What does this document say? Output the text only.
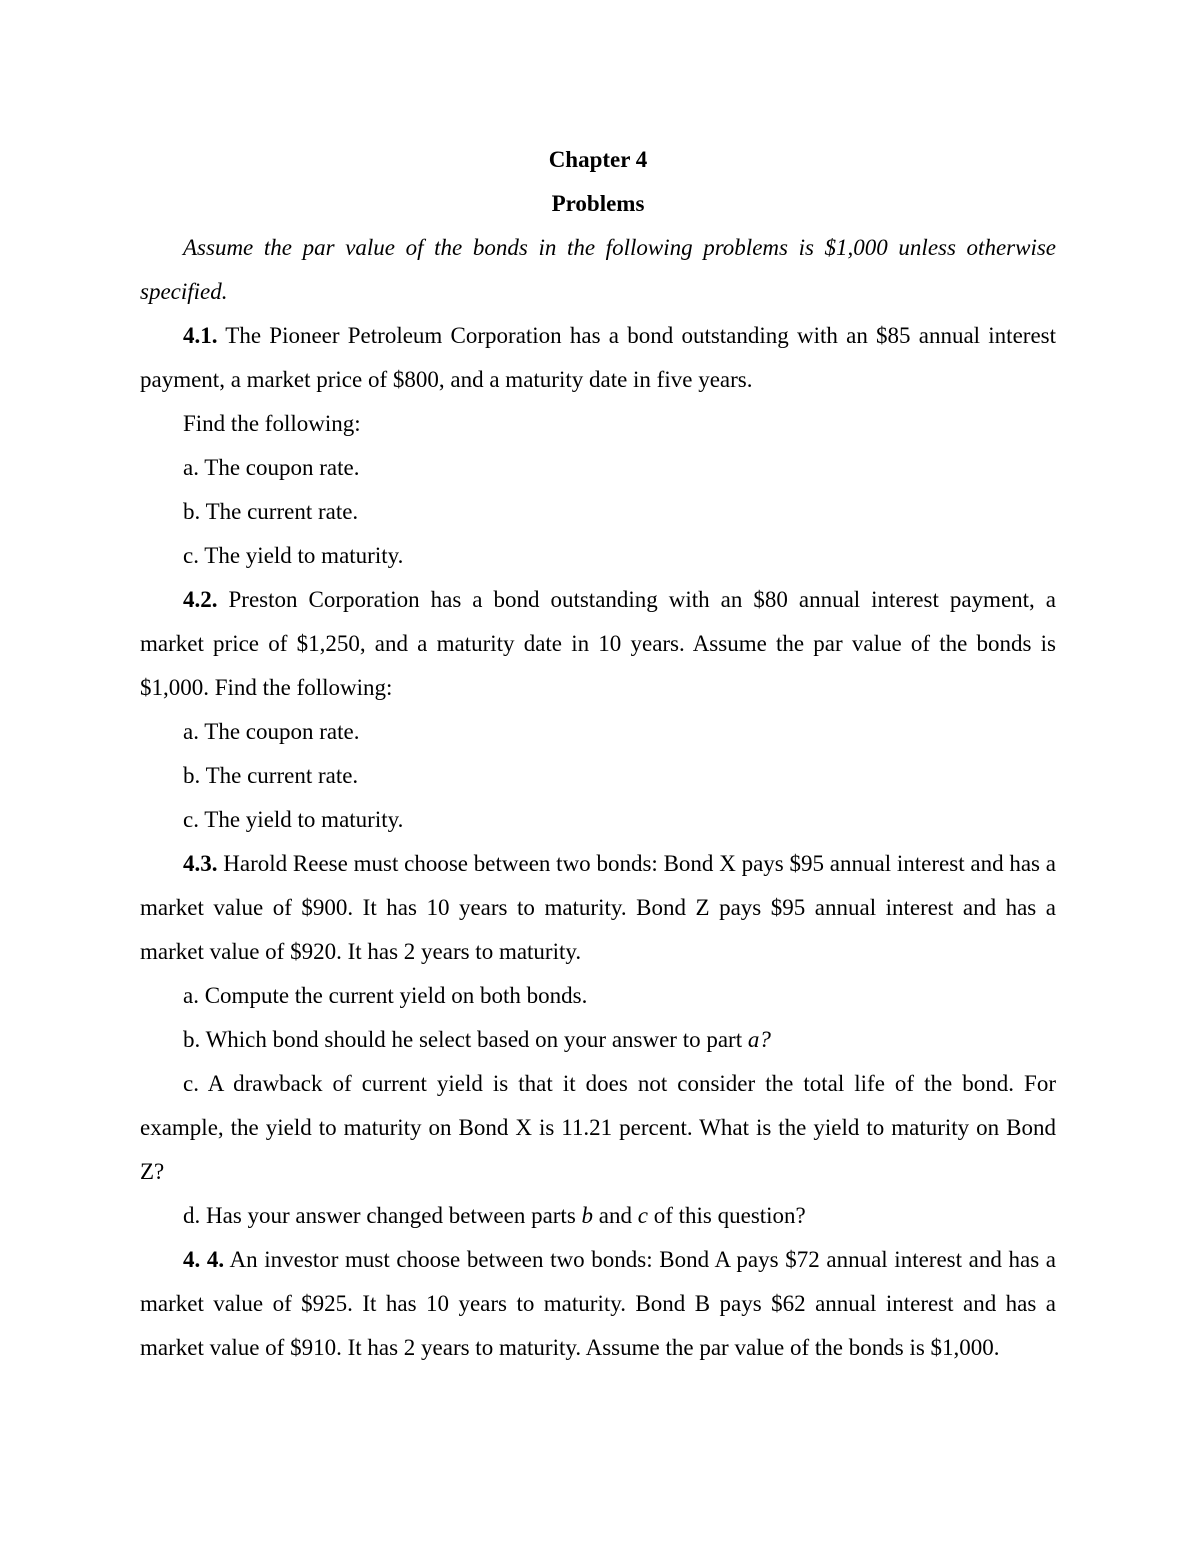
Chapter 4

Problems

Assume the par value of the bonds in the following problems is $1,000 unless otherwise specified.

4.1. The Pioneer Petroleum Corporation has a bond outstanding with an $85 annual interest payment, a market price of $800, and a maturity date in five years.

Find the following:

a. The coupon rate.

b. The current rate.

c. The yield to maturity.

4.2. Preston Corporation has a bond outstanding with an $80 annual interest payment, a market price of $1,250, and a maturity date in 10 years. Assume the par value of the bonds is $1,000. Find the following:

a. The coupon rate.

b. The current rate.

c. The yield to maturity.

4.3. Harold Reese must choose between two bonds: Bond X pays $95 annual interest and has a market value of $900. It has 10 years to maturity. Bond Z pays $95 annual interest and has a market value of $920. It has 2 years to maturity.

a. Compute the current yield on both bonds.

b. Which bond should he select based on your answer to part a?

c. A drawback of current yield is that it does not consider the total life of the bond. For example, the yield to maturity on Bond X is 11.21 percent. What is the yield to maturity on Bond Z?

d. Has your answer changed between parts b and c of this question?

4. 4. An investor must choose between two bonds: Bond A pays $72 annual interest and has a market value of $925. It has 10 years to maturity. Bond B pays $62 annual interest and has a market value of $910. It has 2 years to maturity. Assume the par value of the bonds is $1,000.
